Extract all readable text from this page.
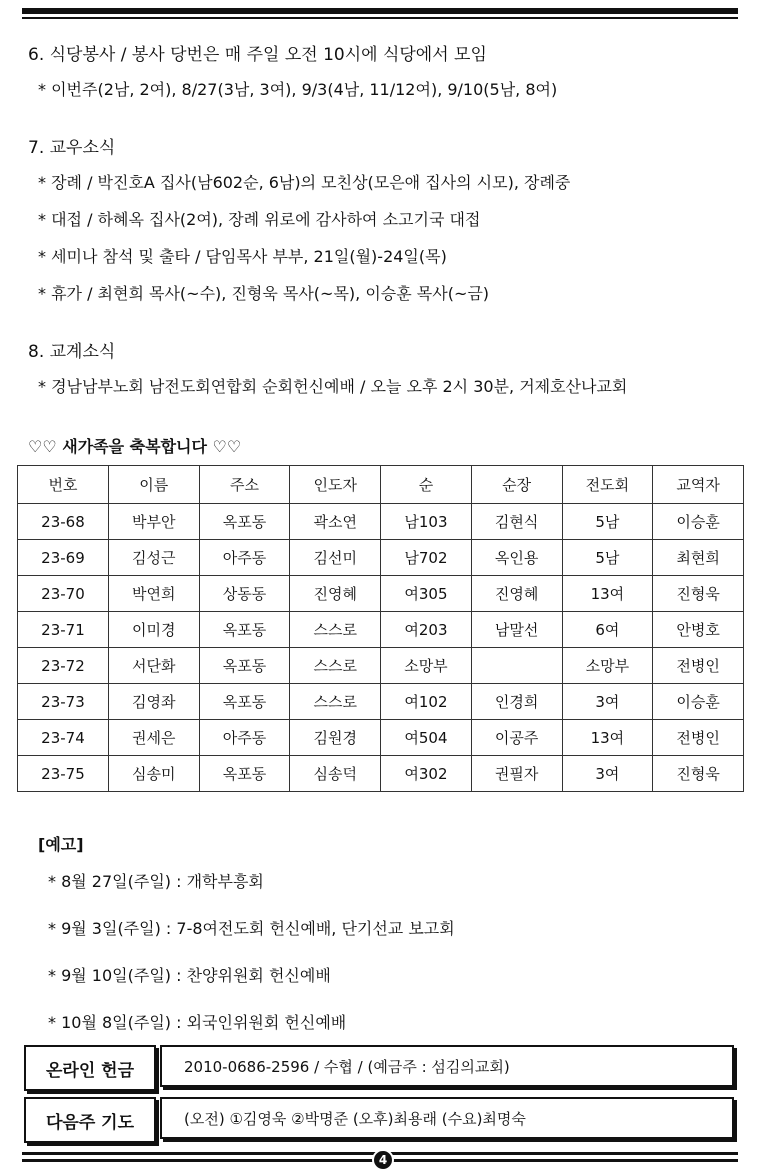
6. 식당봉사 / 봉사 당번은 매 주일 오전 10시에 식당에서 모임
* 이번주(2남, 2여), 8/27(3남, 3여), 9/3(4남, 11/12여), 9/10(5남, 8여)
7. 교우소식
* 장례 / 박진호A 집사(남602순, 6남)의 모친상(모은애 집사의 시모), 장례중
* 대접 / 하혜옥 집사(2여), 장례 위로에 감사하여 소고기국 대접
* 세미나 참석 및 출타 / 담임목사 부부, 21일(월)-24일(목)
* 휴가 / 최현희 목사(~수), 진형욱 목사(~목), 이승훈 목사(~금)
8. 교계소식
* 경남남부노회 남전도회연합회 순회헌신예배 / 오늘 오후 2시 30분, 거제호산나교회
♡♡ 새가족을 축복합니다 ♡♡
번호	이름	주소	인도자	순	순장	전도회	교역자
23-68	박부안	옥포동	곽소연	남103	김현식	5남	이승훈
23-69	김성근	아주동	김선미	남702	옥인용	5남	최현희
23-70	박연희	상동동	진영혜	여305	진영혜	13여	진형욱
23-71	이미경	옥포동	스스로	여203	남말선	6여	안병호
23-72	서단화	옥포동	스스로	소망부		소망부	전병인
23-73	김영좌	옥포동	스스로	여102	인경희	3여	이승훈
23-74	권세은	아주동	김원경	여504	이공주	13여	전병인
23-75	심송미	옥포동	심송덕	여302	권필자	3여	진형욱
[예고]
* 8월 27일(주일) : 개학부흥회
* 9월 3일(주일) : 7-8여전도회 헌신예배, 단기선교 보고회
* 9월 10일(주일) : 찬양위원회 헌신예배
* 10월 8일(주일) : 외국인위원회 헌신예배
온라인 헌금	2010-0686-2596 / 수협 / (예금주 : 섬김의교회)
다음주 기도	(오전) ①김영욱 ②박명준 (오후)최용래 (수요)최명숙
4
